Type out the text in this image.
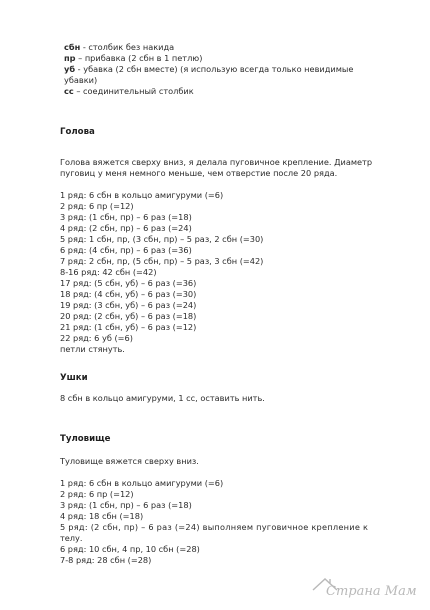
сбн - столбик без накида
пр – прибавка (2 сбн в 1 петлю)
уб - убавка (2 сбн вместе) (я использую всегда только невидимые
убавки)
сс – соединительный столбик
Голова
Голова вяжется сверху вниз, я делала пуговичное крепление. Диаметр
пуговиц у меня немного меньше, чем отверстие после 20 ряда.
1 ряд: 6 сбн в кольцо амигуруми (=6)
2 ряд: 6 пр (=12)
3 ряд: (1 сбн, пр) – 6 раз (=18)
4 ряд: (2 сбн, пр) – 6 раз (=24)
5 ряд: 1 сбн, пр, (3 сбн, пр) – 5 раз, 2 сбн (=30)
6 ряд: (4 сбн, пр) – 6 раз (=36)
7 ряд: 2 сбн, пр, (5 сбн, пр) – 5 раз, 3 сбн (=42)
8-16 ряд: 42 сбн (=42)
17 ряд: (5 сбн, уб) – 6 раз (=36)
18 ряд: (4 сбн, уб) – 6 раз (=30)
19 ряд: (3 сбн, уб) – 6 раз (=24)
20 ряд: (2 сбн, уб) – 6 раз (=18)
21 ряд: (1 сбн, уб) – 6 раз (=12)
22 ряд: 6 уб (=6)
петли стянуть.
Ушки
8 сбн в кольцо амигуруми, 1 сс, оставить нить.
Туловище
Туловище вяжется сверху вниз.
1 ряд: 6 сбн в кольцо амигуруми (=6)
2 ряд: 6 пр (=12)
3 ряд: (1 сбн, пр) – 6 раз (=18)
4 ряд: 18 сбн (=18)
5 ряд: (2 сбн, пр) – 6 раз (=24) выполняем пуговичное крепление к
телу.
6 ряд: 10 сбн, 4 пр, 10 сбн (=28)
7-8 ряд: 28 сбн (=28)
Страна Мам
